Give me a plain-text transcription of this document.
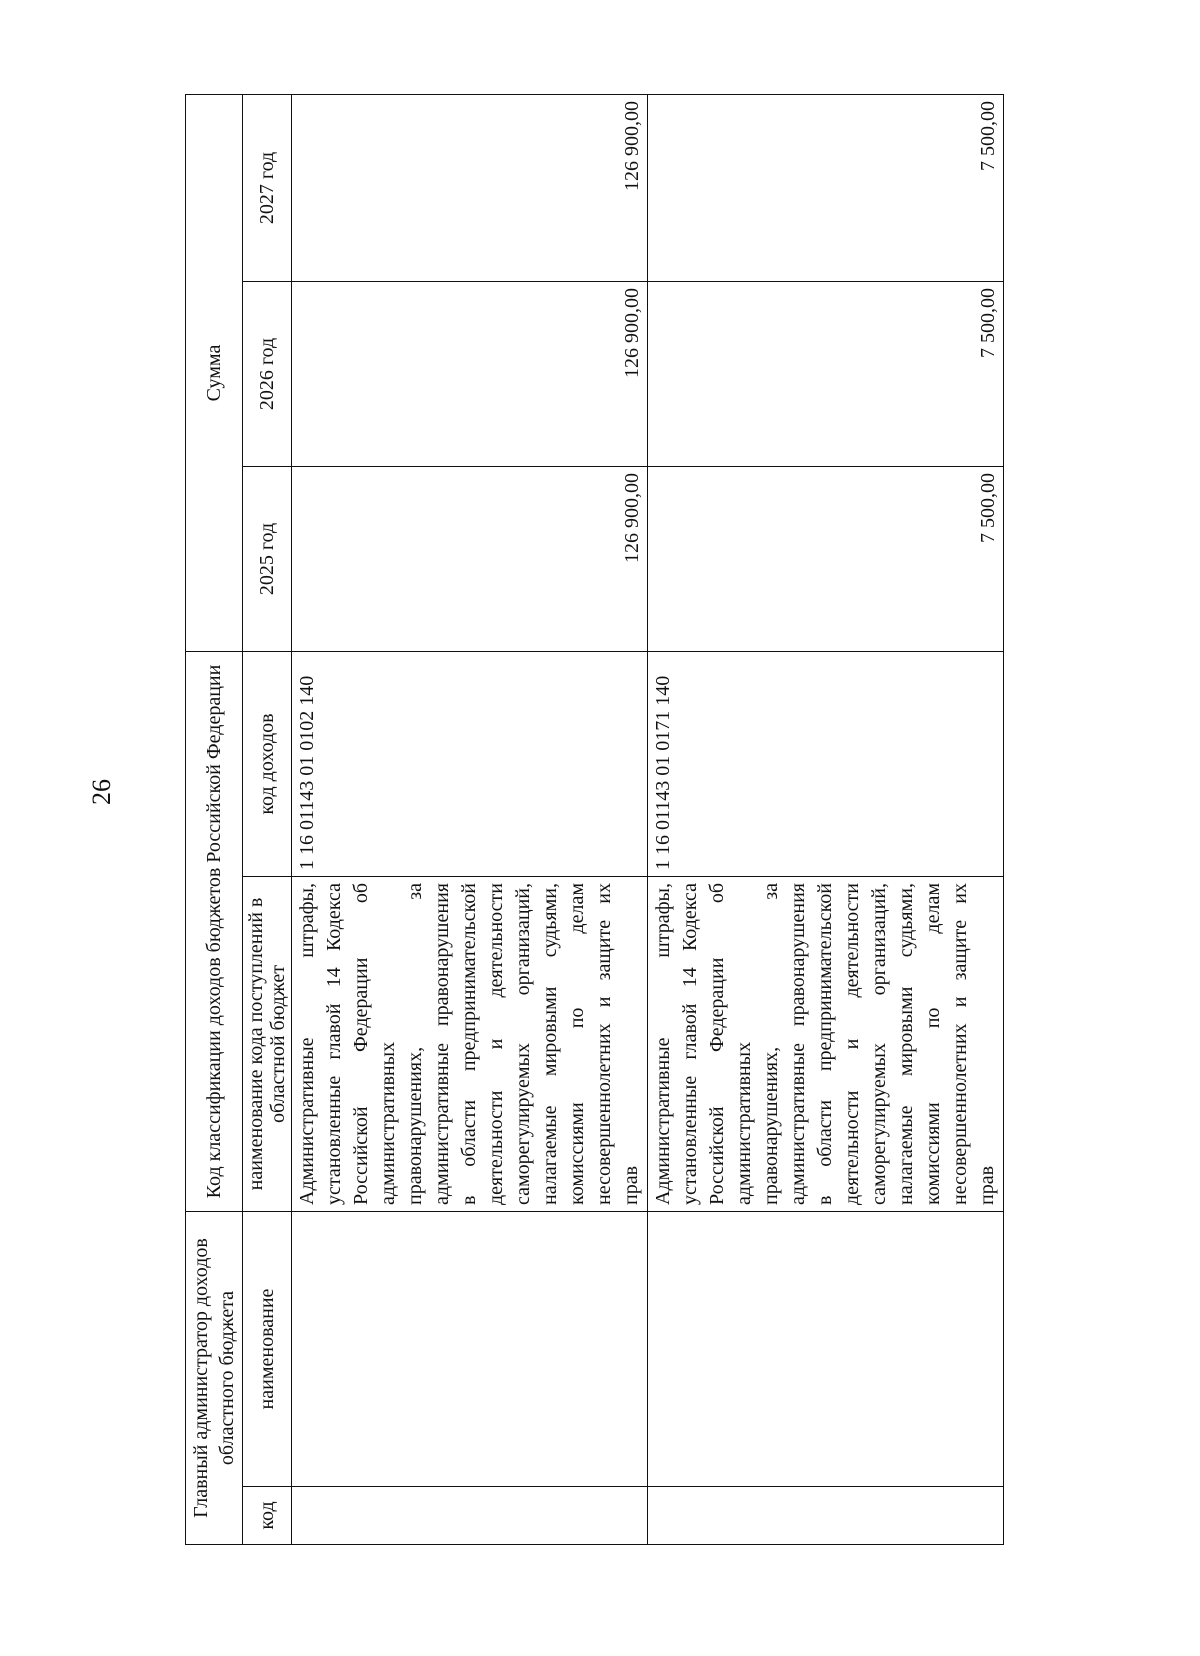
26
Главный администратор доходов областного бюджета		Код классификации доходов бюджетов Российской Федерации		Сумма		
код	наименование	наименование кода поступлений в областной бюджет	код доходов	2025 год	2026 год	2027 год
		Административные штрафы, установленные главой 14 Кодекса Российской Федерации об административных правонарушениях, за административные правонарушения в области предпринимательской деятельности и деятельности саморегулируемых организаций, налагаемые мировыми судьями, комиссиями по делам несовершеннолетних и защите их прав	1 16 01143 01 0102 140	126 900,00	126 900,00	126 900,00
		Административные штрафы, установленные главой 14 Кодекса Российской Федерации об административных правонарушениях, за административные правонарушения в области предпринимательской деятельности и деятельности саморегулируемых организаций, налагаемые мировыми судьями, комиссиями по делам несовершеннолетних и защите их прав	1 16 01143 01 0171 140	7 500,00	7 500,00	7 500,00
